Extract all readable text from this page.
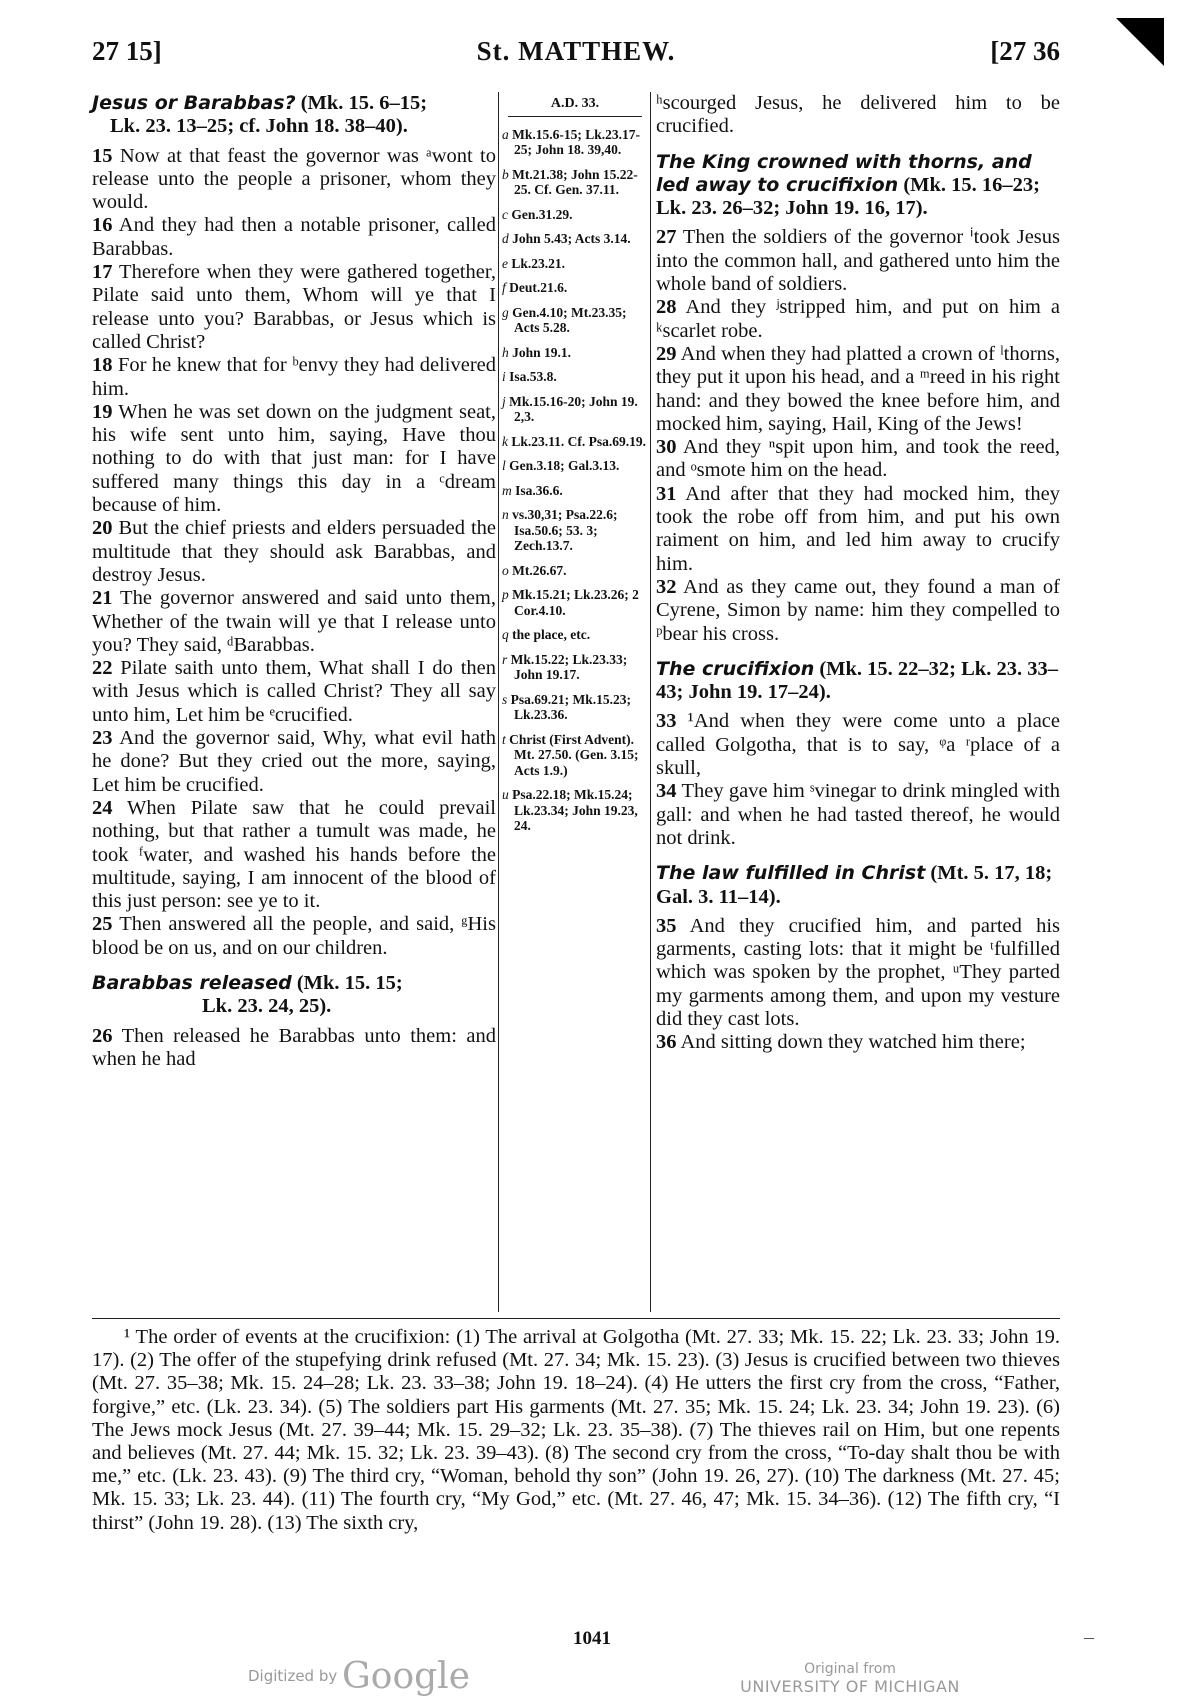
27 15]	St. MATTHEW.	[27 36
Jesus or Barabbas? (Mk. 15. 6–15;
Lk. 23. 13–25; cf. John 18. 38–40).

15 Now at that feast the governor was ᵃwont to release unto the people a prisoner, whom they would.

16 And they had then a notable prisoner, called Barabbas.

17 Therefore when they were gathered together, Pilate said unto them, Whom will ye that I release unto you? Barabbas, or Jesus which is called Christ?

18 For he knew that for ᵇenvy they had delivered him.

19 When he was set down on the judgment seat, his wife sent unto him, saying, Have thou nothing to do with that just man: for I have suffered many things this day in a ᶜdream because of him.

20 But the chief priests and elders persuaded the multitude that they should ask Barabbas, and destroy Jesus.

21 The governor answered and said unto them, Whether of the twain will ye that I release unto you? They said, ᵈBarabbas.

22 Pilate saith unto them, What shall I do then with Jesus which is called Christ? They all say unto him, Let him be ᵉcrucified.

23 And the governor said, Why, what evil hath he done? But they cried out the more, saying, Let him be crucified.

24 When Pilate saw that he could prevail nothing, but that rather a tumult was made, he took ᶠwater, and washed his hands before the multitude, saying, I am innocent of the blood of this just person: see ye to it.

25 Then answered all the people, and said, ᵍHis blood be on us, and on our children.

Barabbas released (Mk. 15. 15;
Lk. 23. 24, 25).

26 Then released he Barabbas unto them: and when he had

A.D. 33.
a Mk.15.6-15; Lk.23.17-25; John 18. 39,40.
b Mt.21.38; John 15.22-25. Cf. Gen. 37.11.
c Gen.31.29.
d John 5.43; Acts 3.14.
e Lk.23.21.
f Deut.21.6.
g Gen.4.10; Mt.23.35; Acts 5.28.
h John 19.1.
i Isa.53.8.
j Mk.15.16-20; John 19. 2,3.
k Lk.23.11. Cf. Psa.69.19.
l Gen.3.18; Gal.3.13.
m Isa.36.6.
n vs.30,31; Psa.22.6; Isa.50.6; 53. 3; Zech.13.7.
o Mt.26.67.
p Mk.15.21; Lk.23.26; 2 Cor.4.10.
q the place, etc.
r Mk.15.22; Lk.23.33; John 19.17.
s Psa.69.21; Mk.15.23; Lk.23.36.
t Christ (First Advent). Mt. 27.50. (Gen. 3.15; Acts 1.9.)
u Psa.22.18; Mk.15.24; Lk.23.34; John 19.23, 24.

ʰscourged Jesus, he delivered him to be crucified.

The King crowned with thorns, and led away to crucifixion (Mk. 15. 16–23; Lk. 23. 26–32; John 19. 16, 17).

27 Then the soldiers of the governor ⁱtook Jesus into the common hall, and gathered unto him the whole band of soldiers.

28 And they ʲstripped him, and put on him a ᵏscarlet robe.

29 And when they had platted a crown of ˡthorns, they put it upon his head, and a ᵐreed in his right hand: and they bowed the knee before him, and mocked him, saying, Hail, King of the Jews!

30 And they ⁿspit upon him, and took the reed, and ᵒsmote him on the head.

31 And after that they had mocked him, they took the robe off from him, and put his own raiment on him, and led him away to crucify him.

32 And as they came out, they found a man of Cyrene, Simon by name: him they compelled to ᵖbear his cross.

The crucifixion (Mk. 15. 22–32; Lk. 23. 33–43; John 19. 17–24).

33 ¹And when they were come unto a place called Golgotha, that is to say, ᵠa ʳplace of a skull,

34 They gave him ˢvinegar to drink mingled with gall: and when he had tasted thereof, he would not drink.

The law fulfilled in Christ (Mt. 5. 17, 18; Gal. 3. 11–14).

35 And they crucified him, and parted his garments, casting lots: that it might be ᵗfulfilled which was spoken by the prophet, ᵘThey parted my garments among them, and upon my vesture did they cast lots.

36 And sitting down they watched him there;

¹ The order of events at the crucifixion: (1) The arrival at Golgotha (Mt. 27. 33; Mk. 15. 22; Lk. 23. 33; John 19. 17). (2) The offer of the stupefying drink refused (Mt. 27. 34; Mk. 15. 23). (3) Jesus is crucified between two thieves (Mt. 27. 35–38; Mk. 15. 24–28; Lk. 23. 33–38; John 19. 18–24). (4) He utters the first cry from the cross, “Father, forgive,” etc. (Lk. 23. 34). (5) The soldiers part His garments (Mt. 27. 35; Mk. 15. 24; Lk. 23. 34; John 19. 23). (6) The Jews mock Jesus (Mt. 27. 39–44; Mk. 15. 29–32; Lk. 23. 35–38). (7) The thieves rail on Him, but one repents and believes (Mt. 27. 44; Mk. 15. 32; Lk. 23. 39–43). (8) The second cry from the cross, “To-day shalt thou be with me,” etc. (Lk. 23. 43). (9) The third cry, “Woman, behold thy son” (John 19. 26, 27). (10) The darkness (Mt. 27. 45; Mk. 15. 33; Lk. 23. 44). (11) The fourth cry, “My God,” etc. (Mt. 27. 46, 47; Mk. 15. 34–36). (12) The fifth cry, “I thirst” (John 19. 28). (13) The sixth cry,
1041
Digitized by Google	Original from
UNIVERSITY OF MICHIGAN
